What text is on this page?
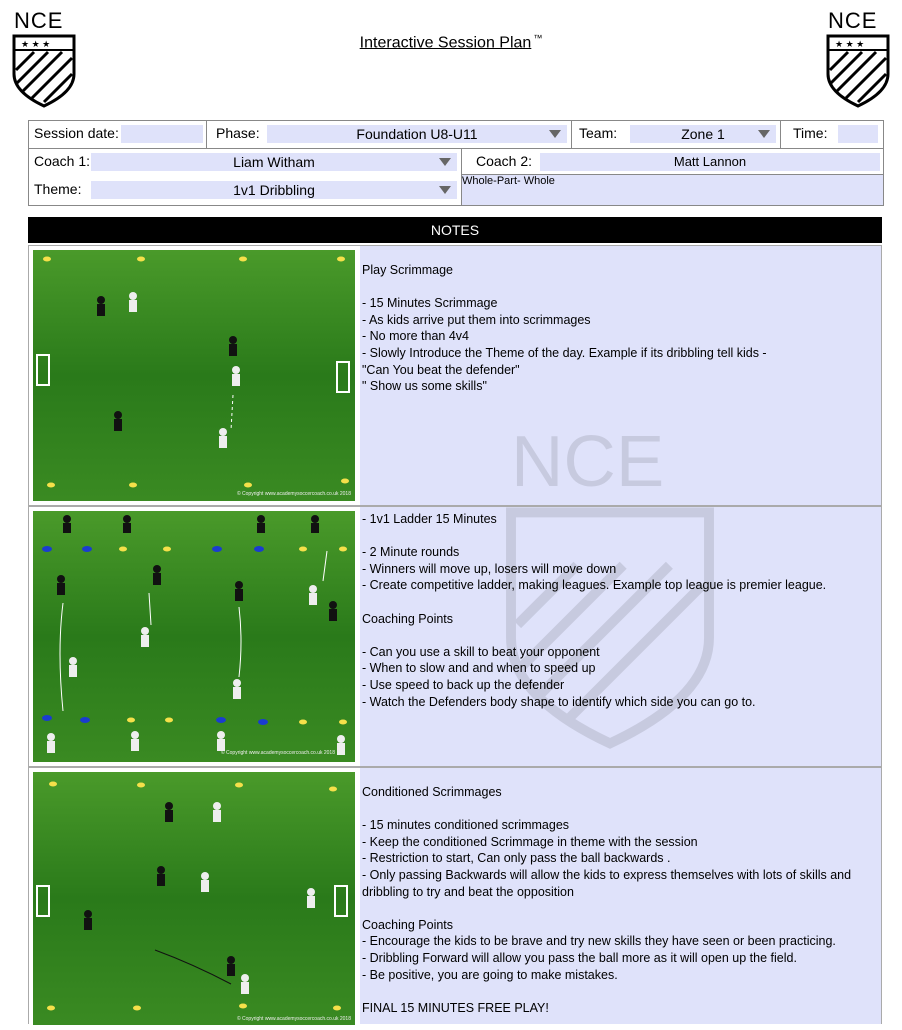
NCE
★ ★ ★
NCE
★ ★ ★
Interactive Session Plan ™
Session date:	Phase:	Foundation U8-U11	Team:	Zone 1	Time:
Coach 1:	Liam Witham	Coach 2:	Matt Lannon
Theme:	1v1 Dribbling
Whole-Part- Whole
NOTES
© Copyright www.academysoccercoach.co.uk 2018

Play Scrimmage

- 15 Minutes Scrimmage
- As kids arrive put them into scrimmages
- No more than 4v4
- Slowly Introduce the Theme of the day. Example if its dribbling tell kids -
"Can You beat the defender"
" Show us some skills"

© Copyright www.academysoccercoach.co.uk 2018

- 1v1 Ladder 15 Minutes

- 2 Minute rounds
- Winners will move up, losers will move down
- Create competitive ladder, making leagues. Example top league is premier league.

Coaching Points

- Can you use a skill to beat your opponent
- When to slow and and when to speed up
- Use speed to back up the defender
- Watch the Defenders body shape to identify which side you can go to.

© Copyright www.academysoccercoach.co.uk 2018

Conditioned Scrimmages

- 15 minutes conditioned scrimmages
- Keep the conditioned Scrimmage in theme with the session
- Restriction to start, Can only pass the ball backwards .
- Only passing Backwards will allow the kids to express themselves with lots of skills and dribbling to try and beat the opposition

Coaching Points
- Encourage the kids to be brave and try new skills they have seen or been practicing.
- Dribbling Forward will allow you pass the ball more as it will open up the field.
- Be positive, you are going to make mistakes.

FINAL 15 MINUTES FREE PLAY!
